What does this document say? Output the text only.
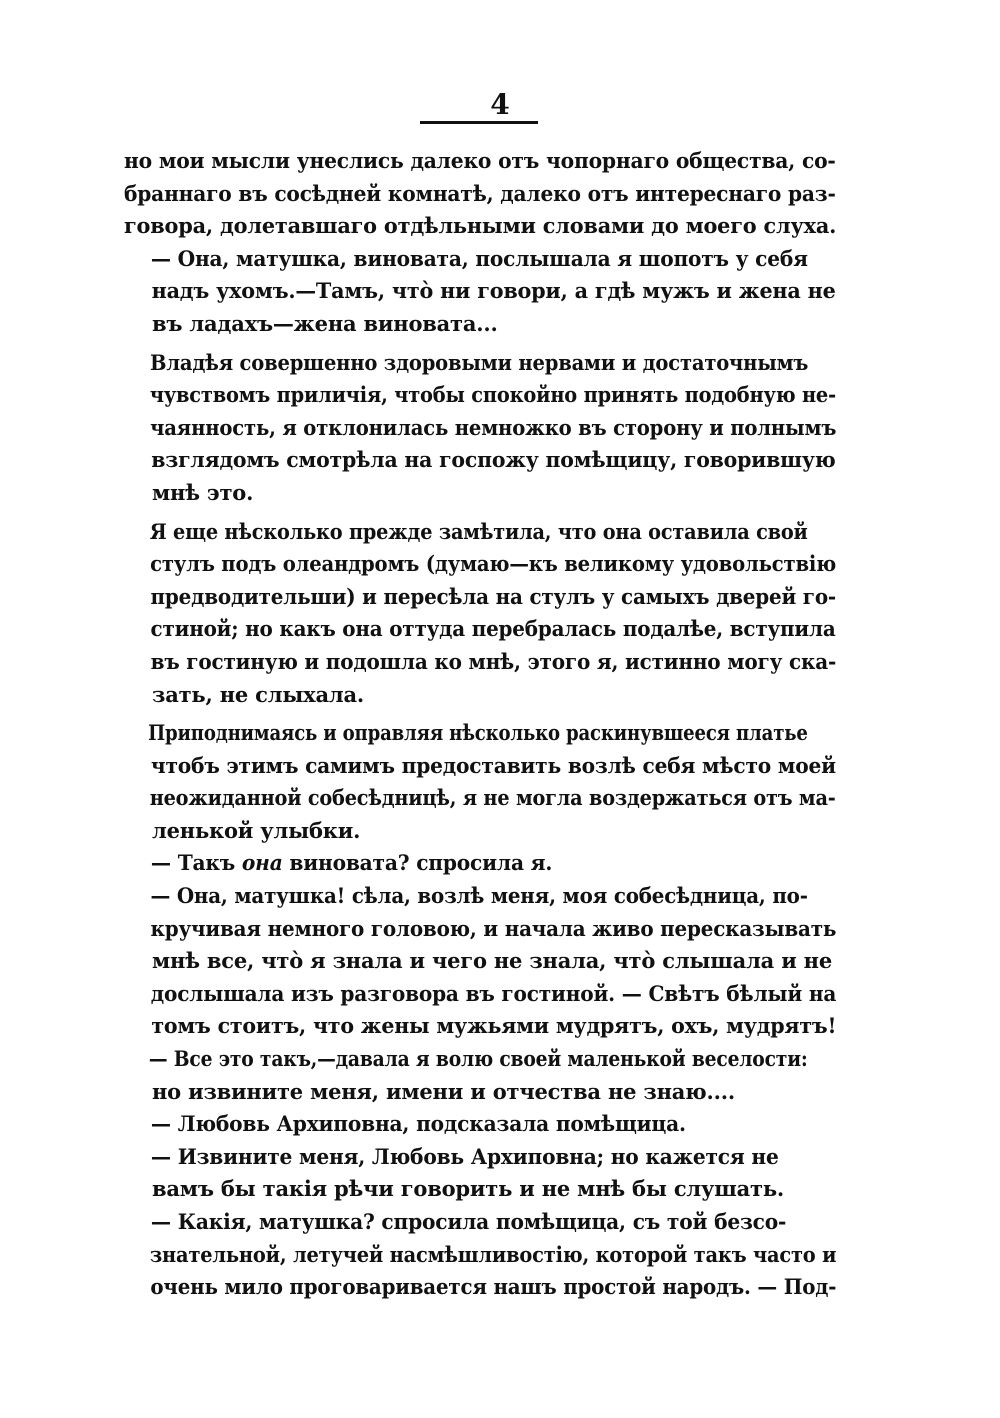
4

но мои мысли унеслись далеко отъ чопорнаго общества, со-
браннаго въ сосѣдней комнатѣ, далеко отъ интереснаго раз-
говора, долетавшаго отдѣльными словами до моего слуха.

— Она, матушка, виновата, послышала я шопотъ у себя
надъ ухомъ.—Тамъ, что̀ ни говори, а гдѣ мужъ и жена не
въ ладахъ—жена виновата...

Владѣя совершенно здоровыми нервами и достаточнымъ
чувствомъ приличія, чтобы спокойно принять подобную не-
чаянность, я отклонилась немножко въ сторону и полнымъ
взглядомъ смотрѣла на госпожу помѣщицу, говорившую
мнѣ это.

Я еще нѣсколько прежде замѣтила, что она оставила свой
стулъ подъ олеандромъ (думаю—къ великому удовольствію
предводительши) и пересѣла на стулъ у самыхъ дверей го-
стиной; но какъ она оттуда перебралась подалѣе, вступила
въ гостиную и подошла ко мнѣ, этого я, истинно могу ска-
зать, не слыхала.

Приподнимаясь и оправляя нѣсколько раскинувшееся платье
чтобъ этимъ самимъ предоставить возлѣ себя мѣсто моей
неожиданной собесѣдницѣ, я не могла воздержаться отъ ма-
ленькой улыбки.

— Такъ она виновата? спросила я.

— Она, матушка! сѣла, возлѣ меня, моя собесѣдница, по-
кручивая немного головою, и начала живо пересказывать
мнѣ все, что̀ я знала и чего не знала, что̀ слышала и не
дослышала изъ разговора въ гостиной. — Свѣтъ бѣлый на
томъ стоитъ, что жены мужьями мудрятъ, охъ, мудрятъ!

— Все это такъ,—давала я волю своей маленькой веселости:
но извините меня, имени и отчества не знаю....

— Любовь Архиповна, подсказала помѣщица.

— Извините меня, Любовь Архиповна; но кажется не
вамъ бы такія рѣчи говорить и не мнѣ бы слушать.

— Какія, матушка? спросила помѣщица, съ той безсо-
знательной, летучей насмѣшливостію, которой такъ часто и
очень мило проговаривается нашъ простой народъ. — Под-
